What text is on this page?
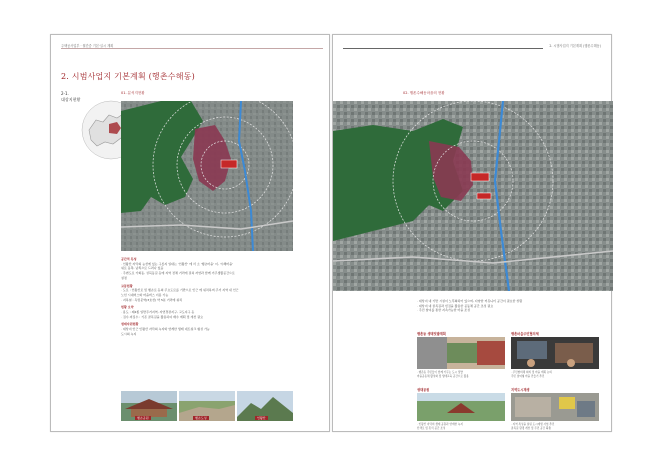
주택공사업부 · 월간중 기본·실시 계획
2. 시범사업지 기본계획 (행촌수해동)
2-1.
대상지현황
01. 분석지현황
공간적 특성
· 인왕산 자락의 능선에 있는 구릉지 일대는 '인왕산' 에 서 소 '행촌마을' 이, '수해마을'
위로 동쪽, 남쪽으로 드러나 있음
· 주변도로 가회동, 성북동길 등에 지역 전체 거리에 걸쳐 자연과 함께 거주생활공간으로
설정
교통현황
· 도로 : 인왕산로 및 행촌로 등의 주요도로를 기반으로 인근 에 위치하며 주거 지역 내 인근
노선 시내버스와 마을버스 이용 가능
· 지하철 : 독립문역(3호선) 약 5분 거리에 위치
현황 요약
· 용도 : 제2종 일반주거지역, 자연경관지구, 고도지구 등
· 집수·비집수 : 기존 골목길을 활용하여 배수 계획 및 개선 필요
생태자원현황
· 대상지 인근 인왕산 자락의 녹지와 연계한 생태 네트워크 형성 가능
도시의 녹지
행촌공원	행촌도성	인왕산
2. 시범사업지 기본계획 (행촌수해동)
02. 행촌수해동마을의 현황
· 대상지 내 기반 시설이 노후화되어 있으며, 다양한 커뮤니티 공간이 필요한 상황
· 대상지 내 골목길과 빈집을 활용한 공동체 공간 조성 필요
· 주민 참여를 통한 지속가능한 마을 조성
행촌동 생태텃밭계획
· 행촌동 주민들이 함께 가꾸는 도시 텃밭
마을공동체 활성화 및 생태교육 공간으로 활용
행촌마을주민협의체
· 주민협의체 회의 및 마을 계획 논의
주민 참여형 마을 만들기 추진
생태공원
· 인왕산 자락의 생태 공원과 연계한 녹지
산책로 및 휴식 공간 조성
지역도시재생
· 지역 특성을 살린 도시재생 사업 추진
골목길 환경 개선 및 주민 공간 확충
